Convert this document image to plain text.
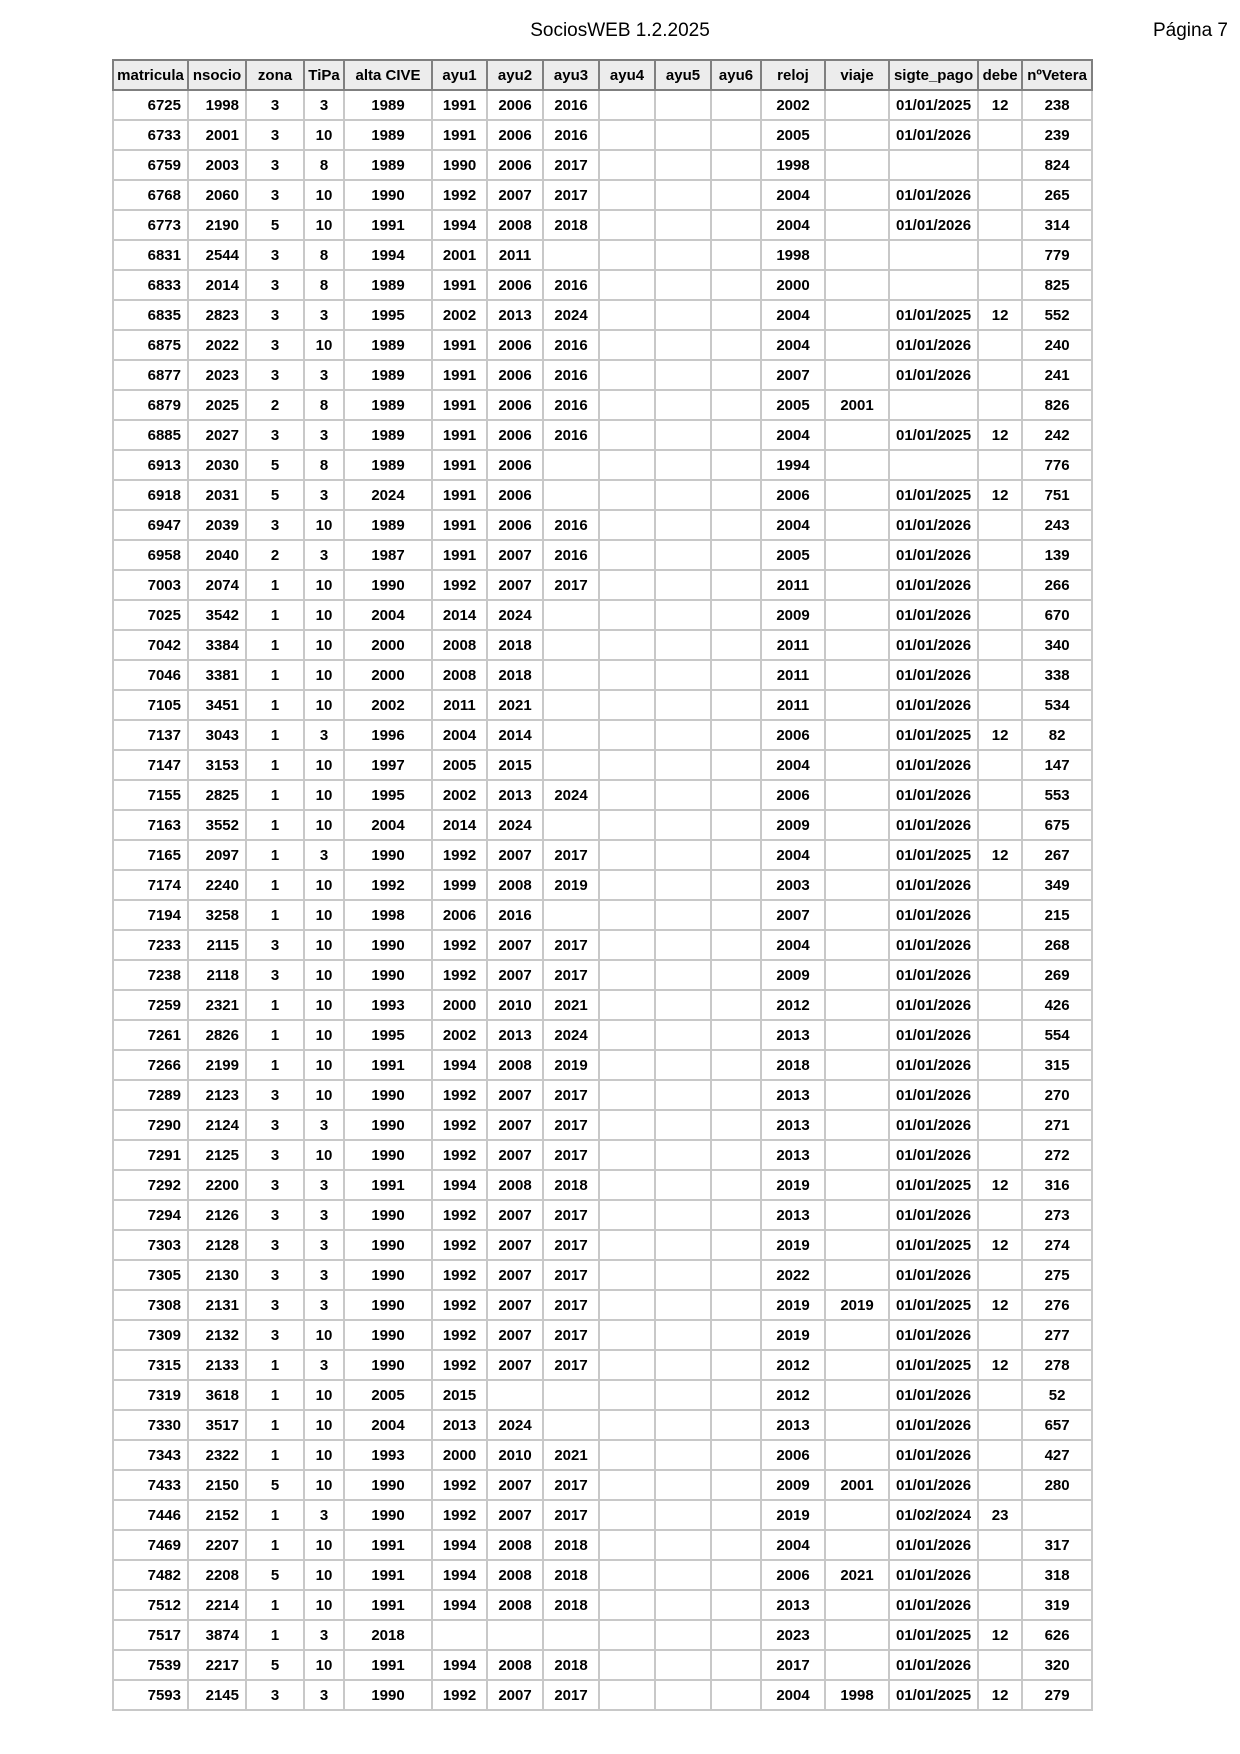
SociosWEB 1.2.2025	Página 7
matricula	nsocio	zona	TiPa	alta CIVE	ayu1	ayu2	ayu3	ayu4	ayu5	ayu6	reloj	viaje	sigte_pago	debe	nºVetera
6725	1998	3	3	1989	1991	2006	2016				2002		01/01/2025	12	238
6733	2001	3	10	1989	1991	2006	2016				2005		01/01/2026		239
6759	2003	3	8	1989	1990	2006	2017				1998				824
6768	2060	3	10	1990	1992	2007	2017				2004		01/01/2026		265
6773	2190	5	10	1991	1994	2008	2018				2004		01/01/2026		314
6831	2544	3	8	1994	2001	2011					1998				779
6833	2014	3	8	1989	1991	2006	2016				2000				825
6835	2823	3	3	1995	2002	2013	2024				2004		01/01/2025	12	552
6875	2022	3	10	1989	1991	2006	2016				2004		01/01/2026		240
6877	2023	3	3	1989	1991	2006	2016				2007		01/01/2026		241
6879	2025	2	8	1989	1991	2006	2016				2005	2001			826
6885	2027	3	3	1989	1991	2006	2016				2004		01/01/2025	12	242
6913	2030	5	8	1989	1991	2006					1994				776
6918	2031	5	3	2024	1991	2006					2006		01/01/2025	12	751
6947	2039	3	10	1989	1991	2006	2016				2004		01/01/2026		243
6958	2040	2	3	1987	1991	2007	2016				2005		01/01/2026		139
7003	2074	1	10	1990	1992	2007	2017				2011		01/01/2026		266
7025	3542	1	10	2004	2014	2024					2009		01/01/2026		670
7042	3384	1	10	2000	2008	2018					2011		01/01/2026		340
7046	3381	1	10	2000	2008	2018					2011		01/01/2026		338
7105	3451	1	10	2002	2011	2021					2011		01/01/2026		534
7137	3043	1	3	1996	2004	2014					2006		01/01/2025	12	82
7147	3153	1	10	1997	2005	2015					2004		01/01/2026		147
7155	2825	1	10	1995	2002	2013	2024				2006		01/01/2026		553
7163	3552	1	10	2004	2014	2024					2009		01/01/2026		675
7165	2097	1	3	1990	1992	2007	2017				2004		01/01/2025	12	267
7174	2240	1	10	1992	1999	2008	2019				2003		01/01/2026		349
7194	3258	1	10	1998	2006	2016					2007		01/01/2026		215
7233	2115	3	10	1990	1992	2007	2017				2004		01/01/2026		268
7238	2118	3	10	1990	1992	2007	2017				2009		01/01/2026		269
7259	2321	1	10	1993	2000	2010	2021				2012		01/01/2026		426
7261	2826	1	10	1995	2002	2013	2024				2013		01/01/2026		554
7266	2199	1	10	1991	1994	2008	2019				2018		01/01/2026		315
7289	2123	3	10	1990	1992	2007	2017				2013		01/01/2026		270
7290	2124	3	3	1990	1992	2007	2017				2013		01/01/2026		271
7291	2125	3	10	1990	1992	2007	2017				2013		01/01/2026		272
7292	2200	3	3	1991	1994	2008	2018				2019		01/01/2025	12	316
7294	2126	3	3	1990	1992	2007	2017				2013		01/01/2026		273
7303	2128	3	3	1990	1992	2007	2017				2019		01/01/2025	12	274
7305	2130	3	3	1990	1992	2007	2017				2022		01/01/2026		275
7308	2131	3	3	1990	1992	2007	2017				2019	2019	01/01/2025	12	276
7309	2132	3	10	1990	1992	2007	2017				2019		01/01/2026		277
7315	2133	1	3	1990	1992	2007	2017				2012		01/01/2025	12	278
7319	3618	1	10	2005	2015						2012		01/01/2026		52
7330	3517	1	10	2004	2013	2024					2013		01/01/2026		657
7343	2322	1	10	1993	2000	2010	2021				2006		01/01/2026		427
7433	2150	5	10	1990	1992	2007	2017				2009	2001	01/01/2026		280
7446	2152	1	3	1990	1992	2007	2017				2019		01/02/2024	23	
7469	2207	1	10	1991	1994	2008	2018				2004		01/01/2026		317
7482	2208	5	10	1991	1994	2008	2018				2006	2021	01/01/2026		318
7512	2214	1	10	1991	1994	2008	2018				2013		01/01/2026		319
7517	3874	1	3	2018							2023		01/01/2025	12	626
7539	2217	5	10	1991	1994	2008	2018				2017		01/01/2026		320
7593	2145	3	3	1990	1992	2007	2017				2004	1998	01/01/2025	12	279
